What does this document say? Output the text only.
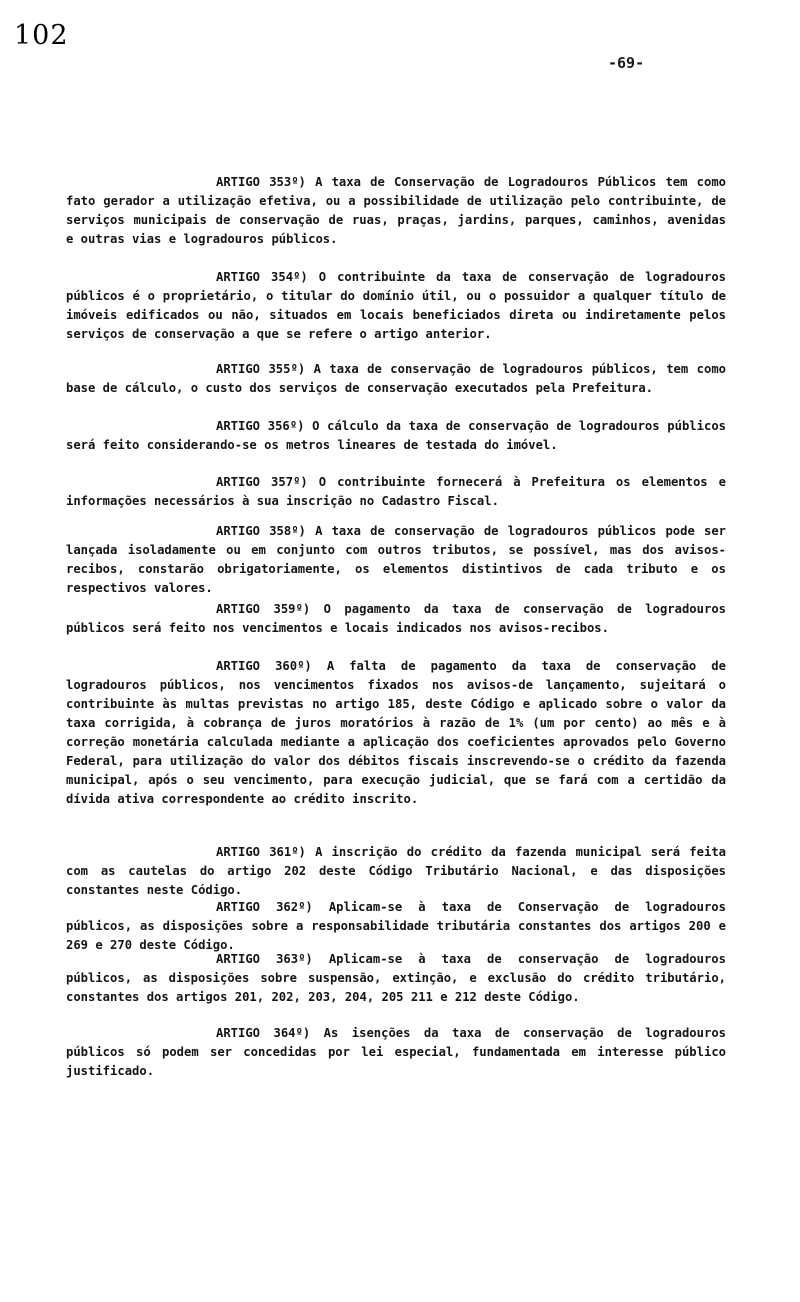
102
-69-

ARTIGO 353º) A taxa de Conservação de Logradouros Públicos tem como fato gerador a utilização efetiva, ou a possibilidade de utilização pelo contribuinte, de serviços municipais de conservação de ruas, praças, jardins, parques, caminhos, avenidas e outras vias e logradouros públicos.

ARTIGO 354º) O contribuinte da taxa de conservação de logradouros públicos é o proprietário, o titular do domínio útil, ou o possuidor a qualquer título de imóveis edificados ou não, situados em locais beneficiados direta ou indiretamente pelos serviços de conservação a que se refere o artigo anterior.

ARTIGO 355º) A taxa de conservação de logradouros públicos, tem como base de cálculo, o custo dos serviços de conservação executados pela Prefeitura.

ARTIGO 356º) O cálculo da taxa de conservação de logradouros públicos será feito considerando-se os metros lineares de testada do imóvel.

ARTIGO 357º) O contribuinte fornecerá à Prefeitura os elementos e informações necessários à sua inscrição no Cadastro Fiscal.

ARTIGO 358º) A taxa de conservação de logradouros públicos pode ser lançada isoladamente ou em conjunto com outros tributos, se possível, mas dos avisos-recibos, constarão obrigatoriamente, os elementos distintivos de cada tributo e os respectivos valores.

ARTIGO 359º) O pagamento da taxa de conservação de logradouros públicos será feito nos vencimentos e locais indicados nos avisos-recibos.

ARTIGO 360º) A falta de pagamento da taxa de conservação de logradouros públicos, nos vencimentos fixados nos avisos-de lançamento, sujeitará o contribuinte às multas previstas no artigo 185, deste Código e aplicado sobre o valor da taxa corrigida, à cobrança de juros moratórios à razão de 1% (um por cento) ao mês e à correção monetária calculada mediante a aplicação dos coeficientes aprovados pelo Governo Federal, para utilização do valor dos débitos fiscais inscrevendo-se o crédito da fazenda municipal, após o seu vencimento, para execução judicial, que se fará com a certidão da dívida ativa correspondente ao crédito inscrito.

ARTIGO 361º) A inscrição do crédito da fazenda municipal será feita com as cautelas do artigo 202 deste Código Tributário Nacional, e das disposições constantes neste Código.

ARTIGO 362º) Aplicam-se à taxa de Conservação de logradouros públicos, as disposições sobre a responsabilidade tributária constantes dos artigos 200 e 269 e 270 deste Código.

ARTIGO 363º) Aplicam-se à taxa de conservação de logradouros públicos, as disposições sobre suspensão, extinção, e exclusão do crédito tributário, constantes dos artigos 201, 202, 203, 204, 205 211 e 212 deste Código.

ARTIGO 364º) As isenções da taxa de conservação de logradouros públicos só podem ser concedidas por lei especial, fundamentada em interesse público justificado.
